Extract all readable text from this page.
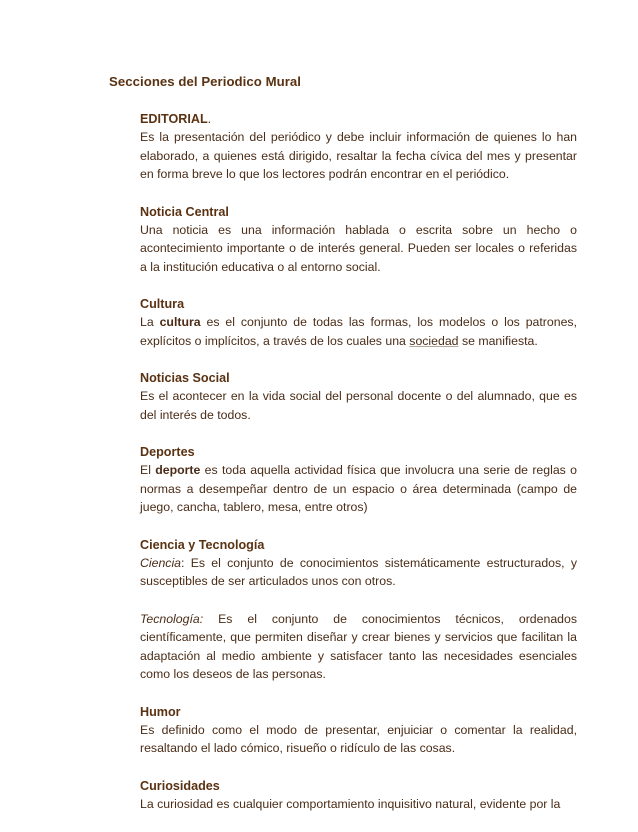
Secciones del Periodico Mural
EDITORIAL.

Es la presentación del periódico y debe incluir información de quienes lo han elaborado, a quienes está dirigido, resaltar la fecha cívica del mes y presentar en forma breve lo que los lectores podrán encontrar en el periódico.

Noticia Central

Una noticia es una información hablada o escrita sobre un hecho o acontecimiento importante o de interés general. Pueden ser locales o referidas a la institución educativa o al entorno social.

Cultura

La cultura es el conjunto de todas las formas, los modelos o los patrones, explícitos o implícitos, a través de los cuales una sociedad se manifiesta.

Noticias Social

Es el acontecer en la vida social del personal docente o del alumnado, que es del interés de todos.

Deportes

El deporte es toda aquella actividad física que involucra una serie de reglas o normas a desempeñar dentro de un espacio o área determinada (campo de juego, cancha, tablero, mesa, entre otros)

Ciencia y Tecnología

Ciencia: Es el conjunto de conocimientos sistemáticamente estructurados, y susceptibles de ser articulados unos con otros.

Tecnología: Es el conjunto de conocimientos técnicos, ordenados científicamente, que permiten diseñar y crear bienes y servicios que facilitan la adaptación al medio ambiente y satisfacer tanto las necesidades esenciales como los deseos de las personas.

Humor

Es definido como el modo de presentar, enjuiciar o comentar la realidad, resaltando el lado cómico, risueño o ridículo de las cosas.

Curiosidades

La curiosidad es cualquier comportamiento inquisitivo natural, evidente por la
